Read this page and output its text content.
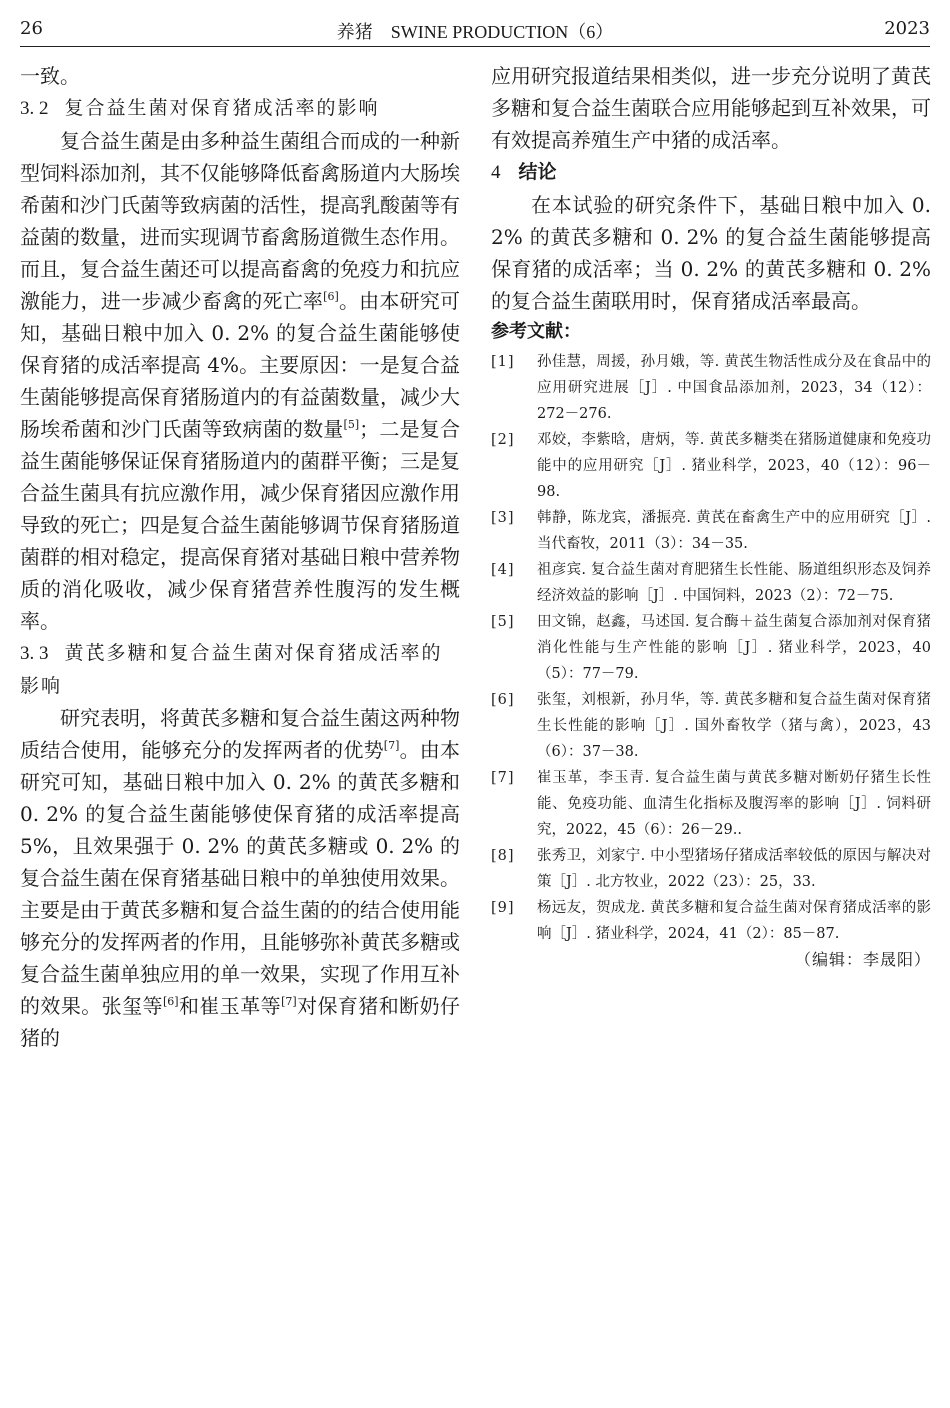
26	养猪　SWINE PRODUCTION（6）	2023

一致。

3. 2 复合益生菌对保育猪成活率的影响

复合益生菌是由多种益生菌组合而成的一种新型饲料添加剂，其不仅能够降低畜禽肠道内大肠埃希菌和沙门氏菌等致病菌的活性，提高乳酸菌等有益菌的数量，进而实现调节畜禽肠道微生态作用。而且，复合益生菌还可以提高畜禽的免疫力和抗应激能力，进一步减少畜禽的死亡率[6]。由本研究可知，基础日粮中加入 0. 2% 的复合益生菌能够使保育猪的成活率提高 4%。主要原因：一是复合益生菌能够提高保育猪肠道内的有益菌数量，减少大肠埃希菌和沙门氏菌等致病菌的数量[5]；二是复合益生菌能够保证保育猪肠道内的菌群平衡；三是复合益生菌具有抗应激作用，减少保育猪因应激作用导致的死亡；四是复合益生菌能够调节保育猪肠道菌群的相对稳定，提高保育猪对基础日粮中营养物质的消化吸收，减少保育猪营养性腹泻的发生概率。

3. 3 黄芪多糖和复合益生菌对保育猪成活率的影响

研究表明，将黄芪多糖和复合益生菌这两种物质结合使用，能够充分的发挥两者的优势[7]。由本研究可知，基础日粮中加入 0. 2% 的黄芪多糖和 0. 2% 的复合益生菌能够使保育猪的成活率提高 5%，且效果强于 0. 2% 的黄芪多糖或 0. 2% 的复合益生菌在保育猪基础日粮中的单独使用效果。主要是由于黄芪多糖和复合益生菌的的结合使用能够充分的发挥两者的作用，且能够弥补黄芪多糖或复合益生菌单独应用的单一效果，实现了作用互补的效果。张玺等[6]和崔玉革等[7]对保育猪和断奶仔猪的

应用研究报道结果相类似，进一步充分说明了黄芪多糖和复合益生菌联合应用能够起到互补效果，可有效提高养殖生产中猪的成活率。

4 结论

在本试验的研究条件下，基础日粮中加入 0. 2% 的黄芪多糖和 0. 2% 的复合益生菌能够提高保育猪的成活率；当 0. 2% 的黄芪多糖和 0. 2% 的复合益生菌联用时，保育猪成活率最高。

参考文献：

[1]	孙佳慧，周援，孙月娥，等. 黄芪生物活性成分及在食品中的应用研究进展［J］. 中国食品添加剂，2023，34（12）：272－276.
[2]	邓姣，李紫晗，唐炳，等. 黄芪多糖类在猪肠道健康和免疫功能中的应用研究［J］. 猪业科学，2023，40（12）：96－98.
[3]	韩静，陈龙宾，潘振亮. 黄芪在畜禽生产中的应用研究［J］. 当代畜牧，2011（3）：34－35.
[4]	祖彦宾. 复合益生菌对育肥猪生长性能、肠道组织形态及饲养经济效益的影响［J］. 中国饲料，2023（2）：72－75.
[5]	田文锦，赵鑫，马述国. 复合酶＋益生菌复合添加剂对保育猪消化性能与生产性能的影响［J］. 猪业科学，2023，40（5）：77－79.
[6]	张玺，刘根新，孙月华，等. 黄芪多糖和复合益生菌对保育猪生长性能的影响［J］. 国外畜牧学（猪与禽），2023，43（6）：37－38.
[7]	崔玉革，李玉青. 复合益生菌与黄芪多糖对断奶仔猪生长性能、免疫功能、血清生化指标及腹泻率的影响［J］. 饲料研究，2022，45（6）：26－29..
[8]	张秀卫，刘家宁. 中小型猪场仔猪成活率较低的原因与解决对策［J］. 北方牧业，2022（23）：25，33.
[9]	杨远友，贺成龙. 黄芪多糖和复合益生菌对保育猪成活率的影响［J］. 猪业科学，2024，41（2）：85－87.

（编辑：李晟阳）
